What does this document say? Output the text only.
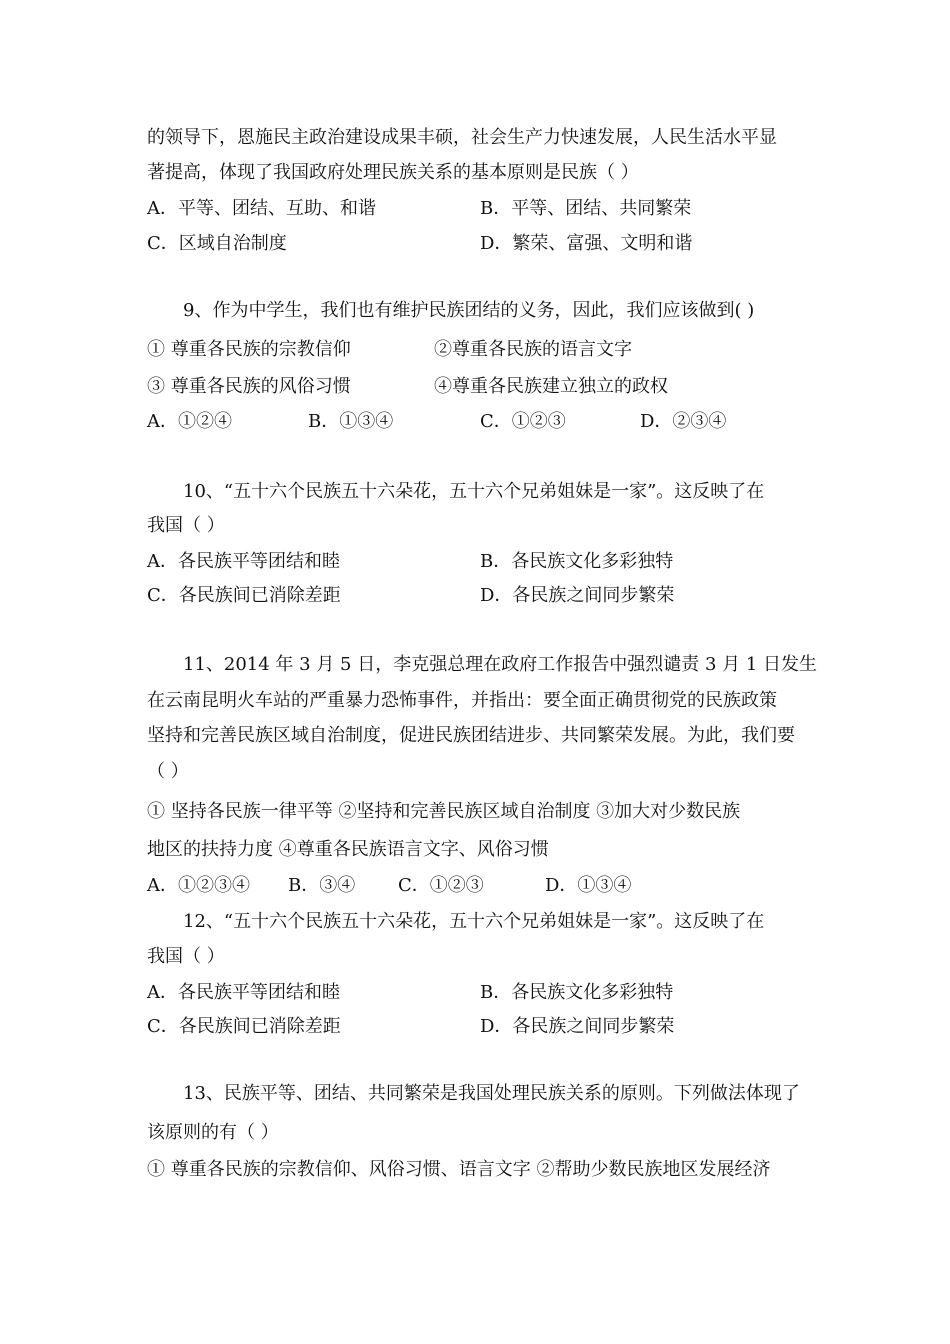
的领导下，恩施民主政治建设成果丰硕，社会生产力快速发展，人民生活水平显
著提高，体现了我国政府处理民族关系的基本原则是民族（ ）
A．平等、团结、互助、和谐	B．平等、团结、共同繁荣
C．区域自治制度	D．繁荣、富强、文明和谐
9、作为中学生，我们也有维护民族团结的义务，因此，我们应该做到( )
① 尊重各民族的宗教信仰	②尊重各民族的语言文字
③ 尊重各民族的风俗习惯	④尊重各民族建立独立的政权
A．①②④	B．①③④	C．①②③	D．②③④
10、“五十六个民族五十六朵花，五十六个兄弟姐妹是一家”。这反映了在
我国（ ）
A．各民族平等团结和睦	B．各民族文化多彩独特
C．各民族间已消除差距	D．各民族之间同步繁荣
11、2014 年 3 月 5 日，李克强总理在政府工作报告中强烈谴责 3 月 1 日发生
在云南昆明火车站的严重暴力恐怖事件，并指出：要全面正确贯彻党的民族政策
坚持和完善民族区域自治制度，促进民族团结进步、共同繁荣发展。为此，我们要
（ ）
① 坚持各民族一律平等 ②坚持和完善民族区域自治制度 ③加大对少数民族
地区的扶持力度 ④尊重各民族语言文字、风俗习惯
A．①②③④ B．③④ C．①②③	D．①③④
12、“五十六个民族五十六朵花，五十六个兄弟姐妹是一家”。这反映了在
我国（ ）
A．各民族平等团结和睦	B．各民族文化多彩独特
C．各民族间已消除差距	D．各民族之间同步繁荣
13、民族平等、团结、共同繁荣是我国处理民族关系的原则。下列做法体现了
该原则的有（ ）
① 尊重各民族的宗教信仰、风俗习惯、语言文字 ②帮助少数民族地区发展经济
